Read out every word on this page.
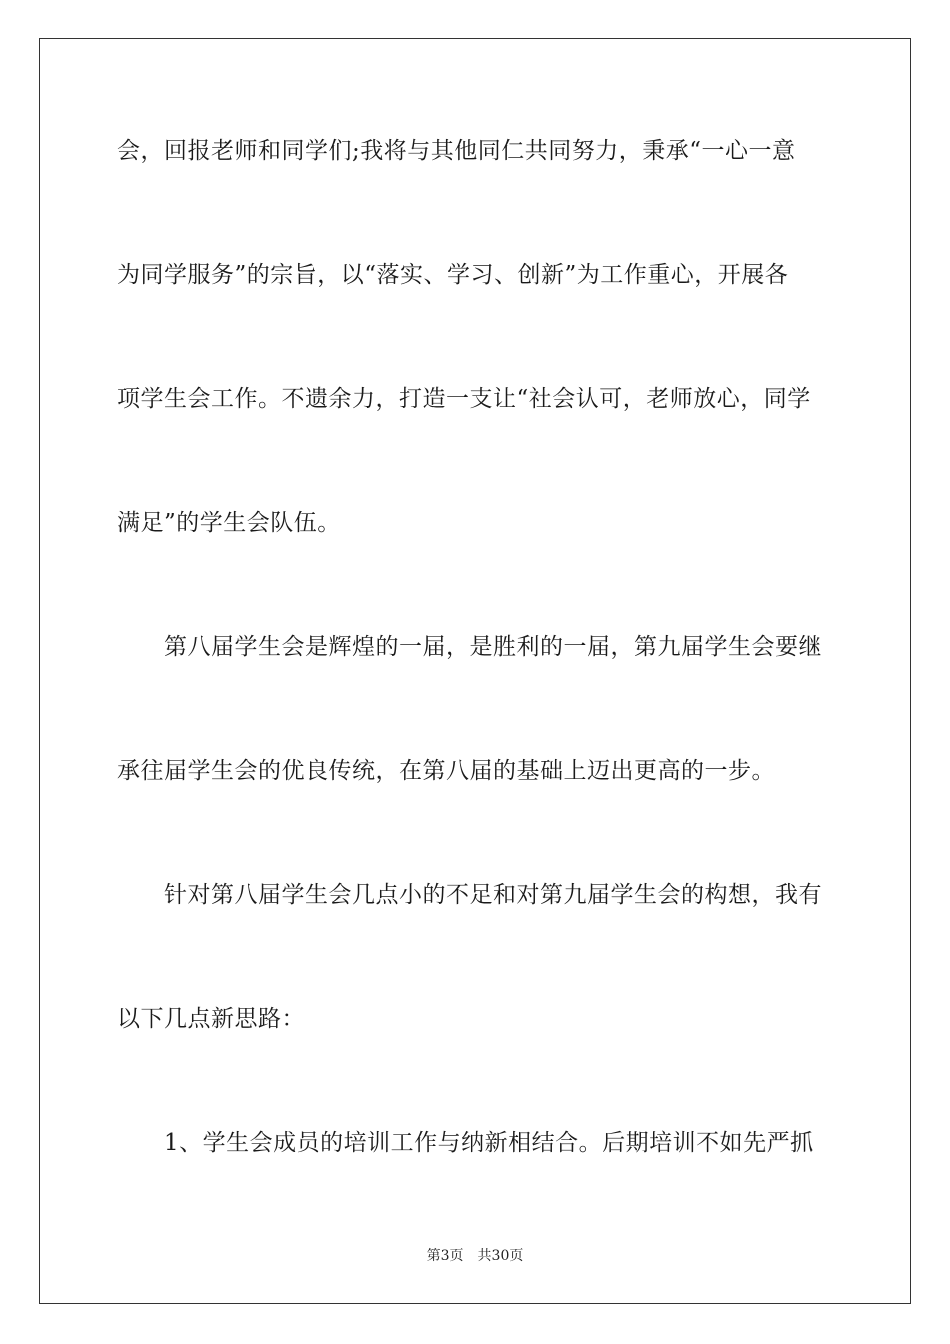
会，回报老师和同学们;我将与其他同仁共同努力，秉承“一心一意
为同学服务”的宗旨，以“落实、学习、创新”为工作重心，开展各
项学生会工作。不遗余力，打造一支让“社会认可，老师放心，同学
满足”的学生会队伍。
　　第八届学生会是辉煌的一届，是胜利的一届，第九届学生会要继
承往届学生会的优良传统，在第八届的基础上迈出更高的一步。
　　针对第八届学生会几点小的不足和对第九届学生会的构想，我有
以下几点新思路：
　　1、学生会成员的培训工作与纳新相结合。后期培训不如先严抓
第3页 共30页
